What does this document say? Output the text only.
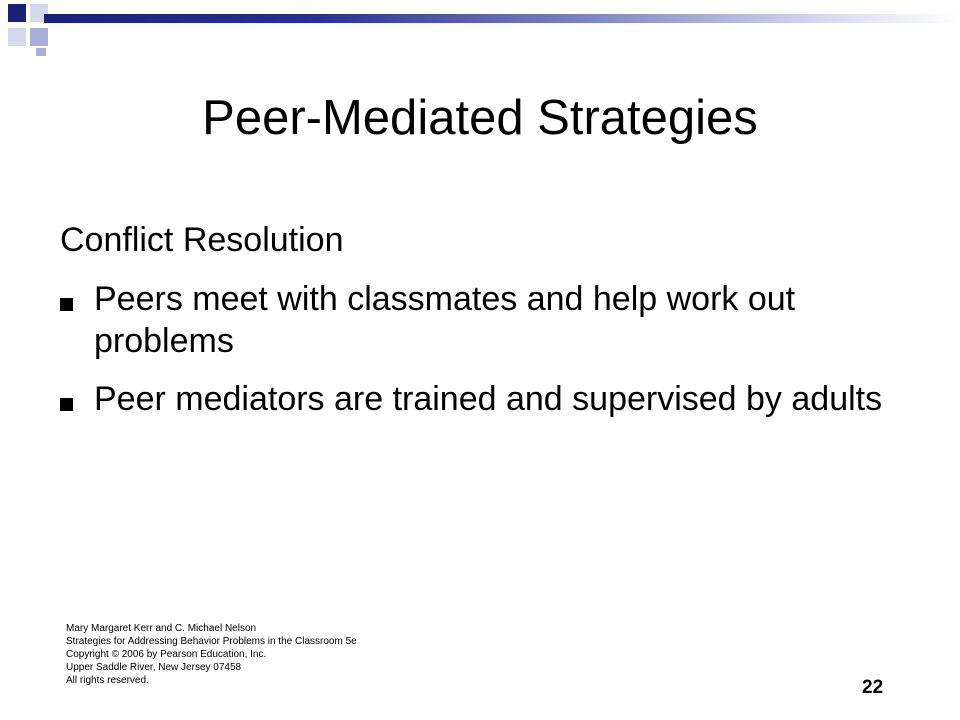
Peer-Mediated Strategies
Conflict Resolution
Peers meet with classmates and help work out problems
Peer mediators are trained and supervised by adults
Mary Margaret Kerr and C. Michael Nelson
Strategies for Addressing Behavior Problems in the Classroom 5e
Copyright © 2006 by Pearson Education, Inc.
Upper Saddle River, New Jersey 07458
All rights reserved.	22
